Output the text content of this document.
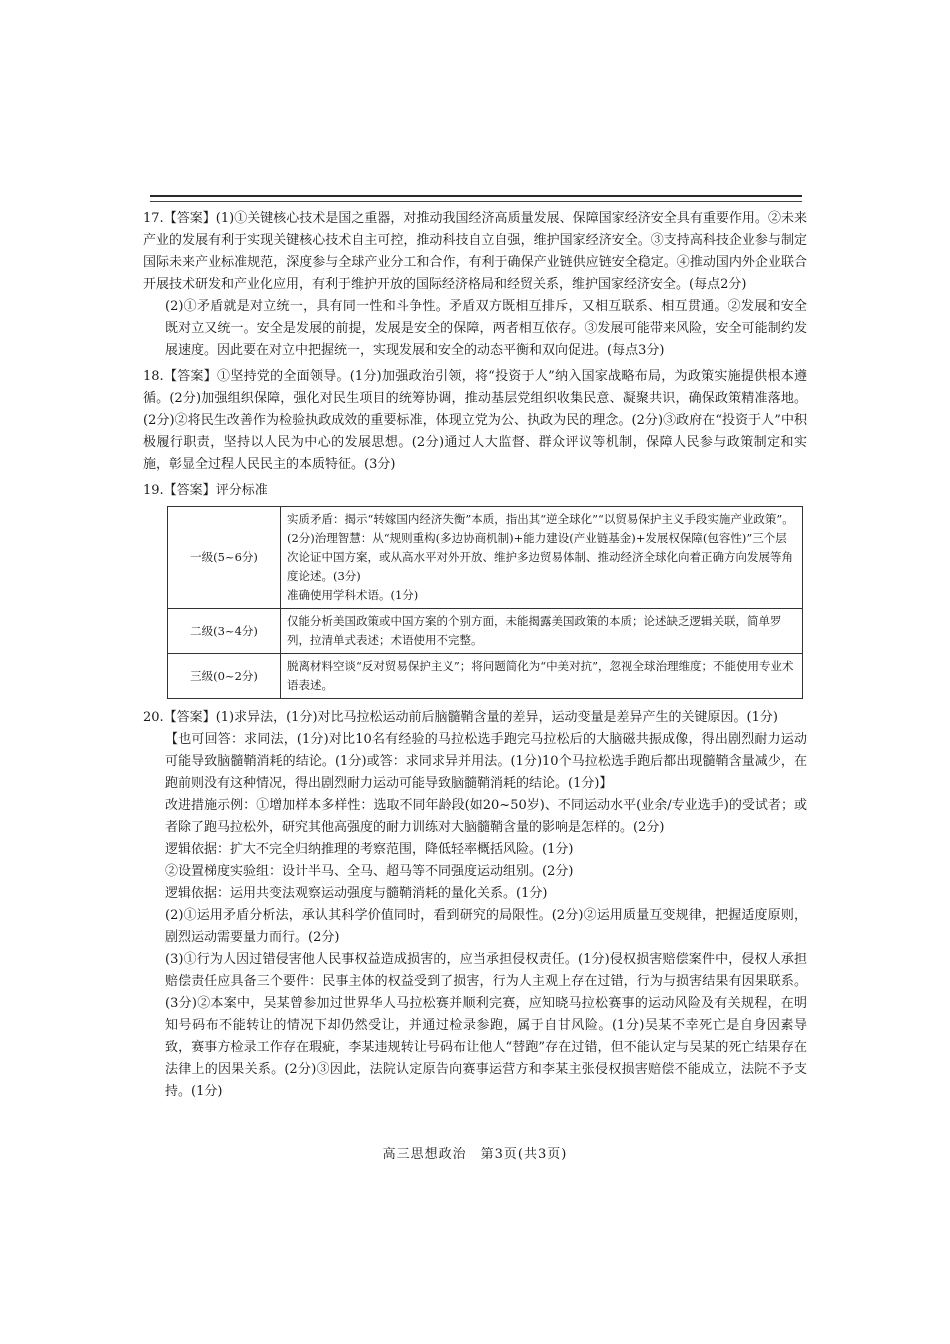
17.【答案】(1)①关键核心技术是国之重器，对推动我国经济高质量发展、保障国家经济安全具有重要作用。②未来产业的发展有利于实现关键核心技术自主可控，推动科技自立自强，维护国家经济安全。③支持高科技企业参与制定国际未来产业标准规范，深度参与全球产业分工和合作，有利于确保产业链供应链安全稳定。④推动国内外企业联合开展技术研发和产业化应用，有利于维护开放的国际经济格局和经贸关系，维护国家经济安全。(每点2分)

(2)①矛盾就是对立统一，具有同一性和斗争性。矛盾双方既相互排斥，又相互联系、相互贯通。②发展和安全既对立又统一。安全是发展的前提，发展是安全的保障，两者相互依存。③发展可能带来风险，安全可能制约发展速度。因此要在对立中把握统一，实现发展和安全的动态平衡和双向促进。(每点3分)

18.【答案】①坚持党的全面领导。(1分)加强政治引领，将“投资于人”纳入国家战略布局，为政策实施提供根本遵循。(2分)加强组织保障，强化对民生项目的统筹协调，推动基层党组织收集民意、凝聚共识，确保政策精准落地。(2分)②将民生改善作为检验执政成效的重要标准，体现立党为公、执政为民的理念。(2分)③政府在“投资于人”中积极履行职责，坚持以人民为中心的发展思想。(2分)通过人大监督、群众评议等机制，保障人民参与政策制定和实施，彰显全过程人民民主的本质特征。(3分)

19.【答案】评分标准

一级(5~6分)	实质矛盾：揭示“转嫁国内经济失衡”本质，指出其“逆全球化”“以贸易保护主义手段实施产业政策”。(2分)治理智慧：从“规则重构(多边协商机制)+能力建设(产业链基金)+发展权保障(包容性)”三个层次论证中国方案，或从高水平对外开放、维护多边贸易体制、推动经济全球化向着正确方向发展等角度论述。(3分)
准确使用学科术语。(1分)

二级(3~4分)	仅能分析美国政策或中国方案的个别方面，未能揭露美国政策的本质；论述缺乏逻辑关联，简单罗列，拉清单式表述；术语使用不完整。

三级(0~2分)	脱离材料空谈“反对贸易保护主义”；将问题简化为“中美对抗”，忽视全球治理维度；不能使用专业术语表述。

20.【答案】(1)求异法，(1分)对比马拉松运动前后脑髓鞘含量的差异，运动变量是差异产生的关键原因。(1分)

【也可回答：求同法，(1分)对比10名有经验的马拉松选手跑完马拉松后的大脑磁共振成像，得出剧烈耐力运动可能导致脑髓鞘消耗的结论。(1分)或答：求同求异并用法。(1分)10个马拉松选手跑后都出现髓鞘含量减少，在跑前则没有这种情况，得出剧烈耐力运动可能导致脑髓鞘消耗的结论。(1分)】

改进措施示例：①增加样本多样性：选取不同年龄段(如20~50岁)、不同运动水平(业余/专业选手)的受试者；或者除了跑马拉松外，研究其他高强度的耐力训练对大脑髓鞘含量的影响是怎样的。(2分)

逻辑依据：扩大不完全归纳推理的考察范围，降低轻率概括风险。(1分)

②设置梯度实验组：设计半马、全马、超马等不同强度运动组别。(2分)

逻辑依据：运用共变法观察运动强度与髓鞘消耗的量化关系。(1分)

(2)①运用矛盾分析法，承认其科学价值同时，看到研究的局限性。(2分)②运用质量互变规律，把握适度原则，剧烈运动需要量力而行。(2分)

(3)①行为人因过错侵害他人民事权益造成损害的，应当承担侵权责任。(1分)侵权损害赔偿案件中，侵权人承担赔偿责任应具备三个要件：民事主体的权益受到了损害，行为人主观上存在过错，行为与损害结果有因果联系。(3分)②本案中，吴某曾参加过世界华人马拉松赛并顺利完赛，应知晓马拉松赛事的运动风险及有关规程，在明知号码布不能转让的情况下却仍然受让，并通过检录参跑，属于自甘风险。(1分)吴某不幸死亡是自身因素导致，赛事方检录工作存在瑕疵，李某违规转让号码布让他人“替跑”存在过错，但不能认定与吴某的死亡结果存在法律上的因果关系。(2分)③因此，法院认定原告向赛事运营方和李某主张侵权损害赔偿不能成立，法院不予支持。(1分)

高三思想政治　第3页(共3页)
